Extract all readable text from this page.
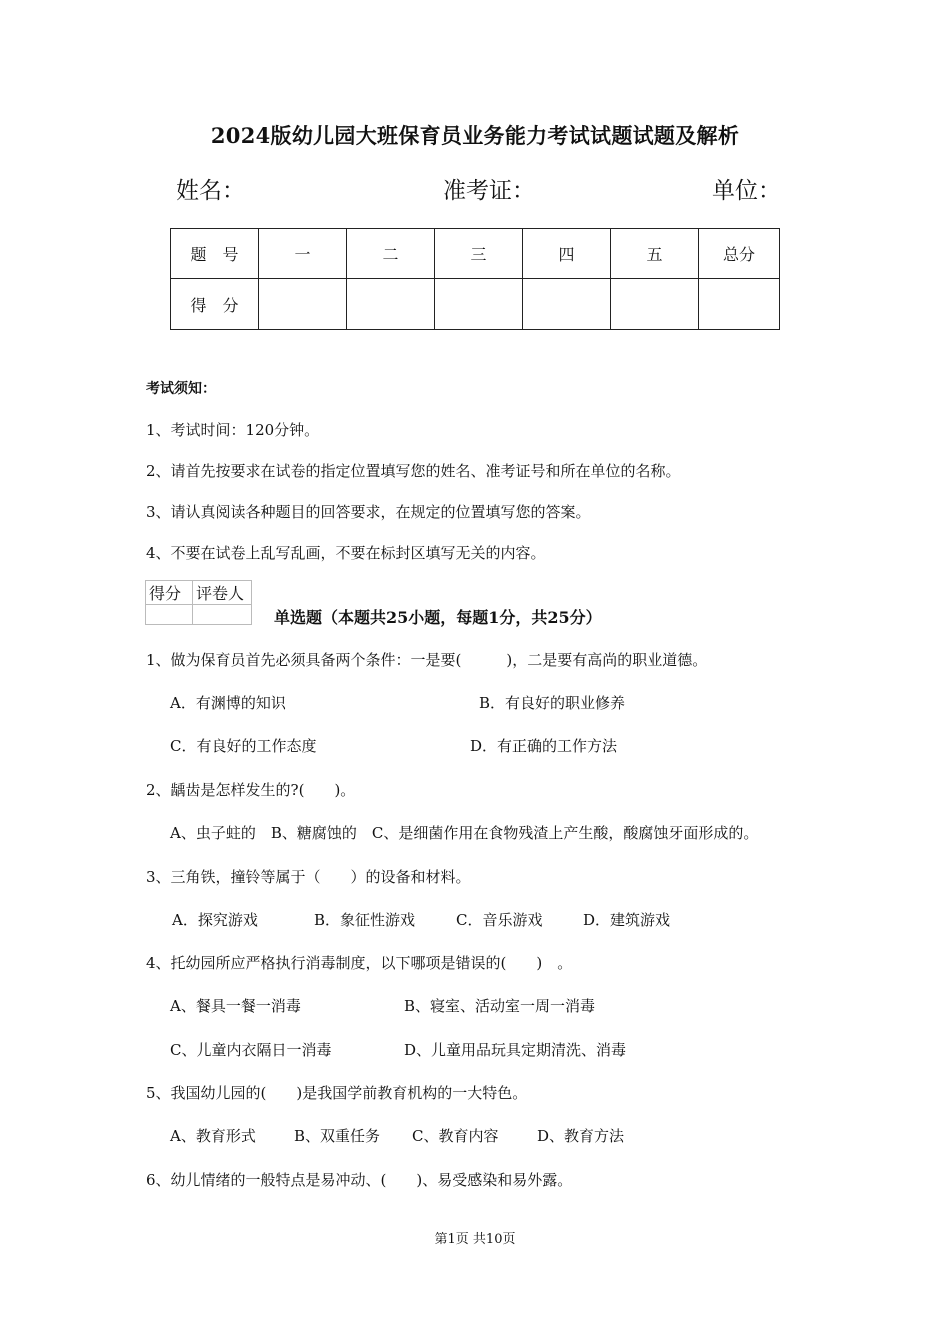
2024版幼儿园大班保育员业务能力考试试题试题及解析
姓名：	准考证：	单位：
题　号	一	二	三	四	五	总分
得　分						
考试须知：
1、考试时间：120分钟。
2、请首先按要求在试卷的指定位置填写您的姓名、准考证号和所在单位的名称。
3、请认真阅读各种题目的回答要求，在规定的位置填写您的答案。
4、不要在试卷上乱写乱画，不要在标封区填写无关的内容。
得分	评卷人

单选题（本题共25小题，每题1分，共25分）
1、做为保育员首先必须具备两个条件：一是要(　　　)，二是要有高尚的职业道德。
A．有渊博的知识	B．有良好的职业修养
C．有良好的工作态度	D．有正确的工作方法
2、龋齿是怎样发生的?(　　)。
A、虫子蛀的　B、糖腐蚀的　C、是细菌作用在食物残渣上产生酸，酸腐蚀牙面形成的。
3、三角铁，撞铃等属于（　　）的设备和材料。
A．探究游戏	B．象征性游戏	C．音乐游戏	D．建筑游戏
4、托幼园所应严格执行消毒制度，以下哪项是错误的(　　)　。
A、餐具一餐一消毒	B、寝室、活动室一周一消毒
C、儿童内衣隔日一消毒	D、儿童用品玩具定期清洗、消毒
5、我国幼儿园的(　　)是我国学前教育机构的一大特色。
A、教育形式	B、双重任务 C、教育内容	D、教育方法
6、幼儿情绪的一般特点是易冲动、(　　)、易受感染和易外露。
第1页 共10页
